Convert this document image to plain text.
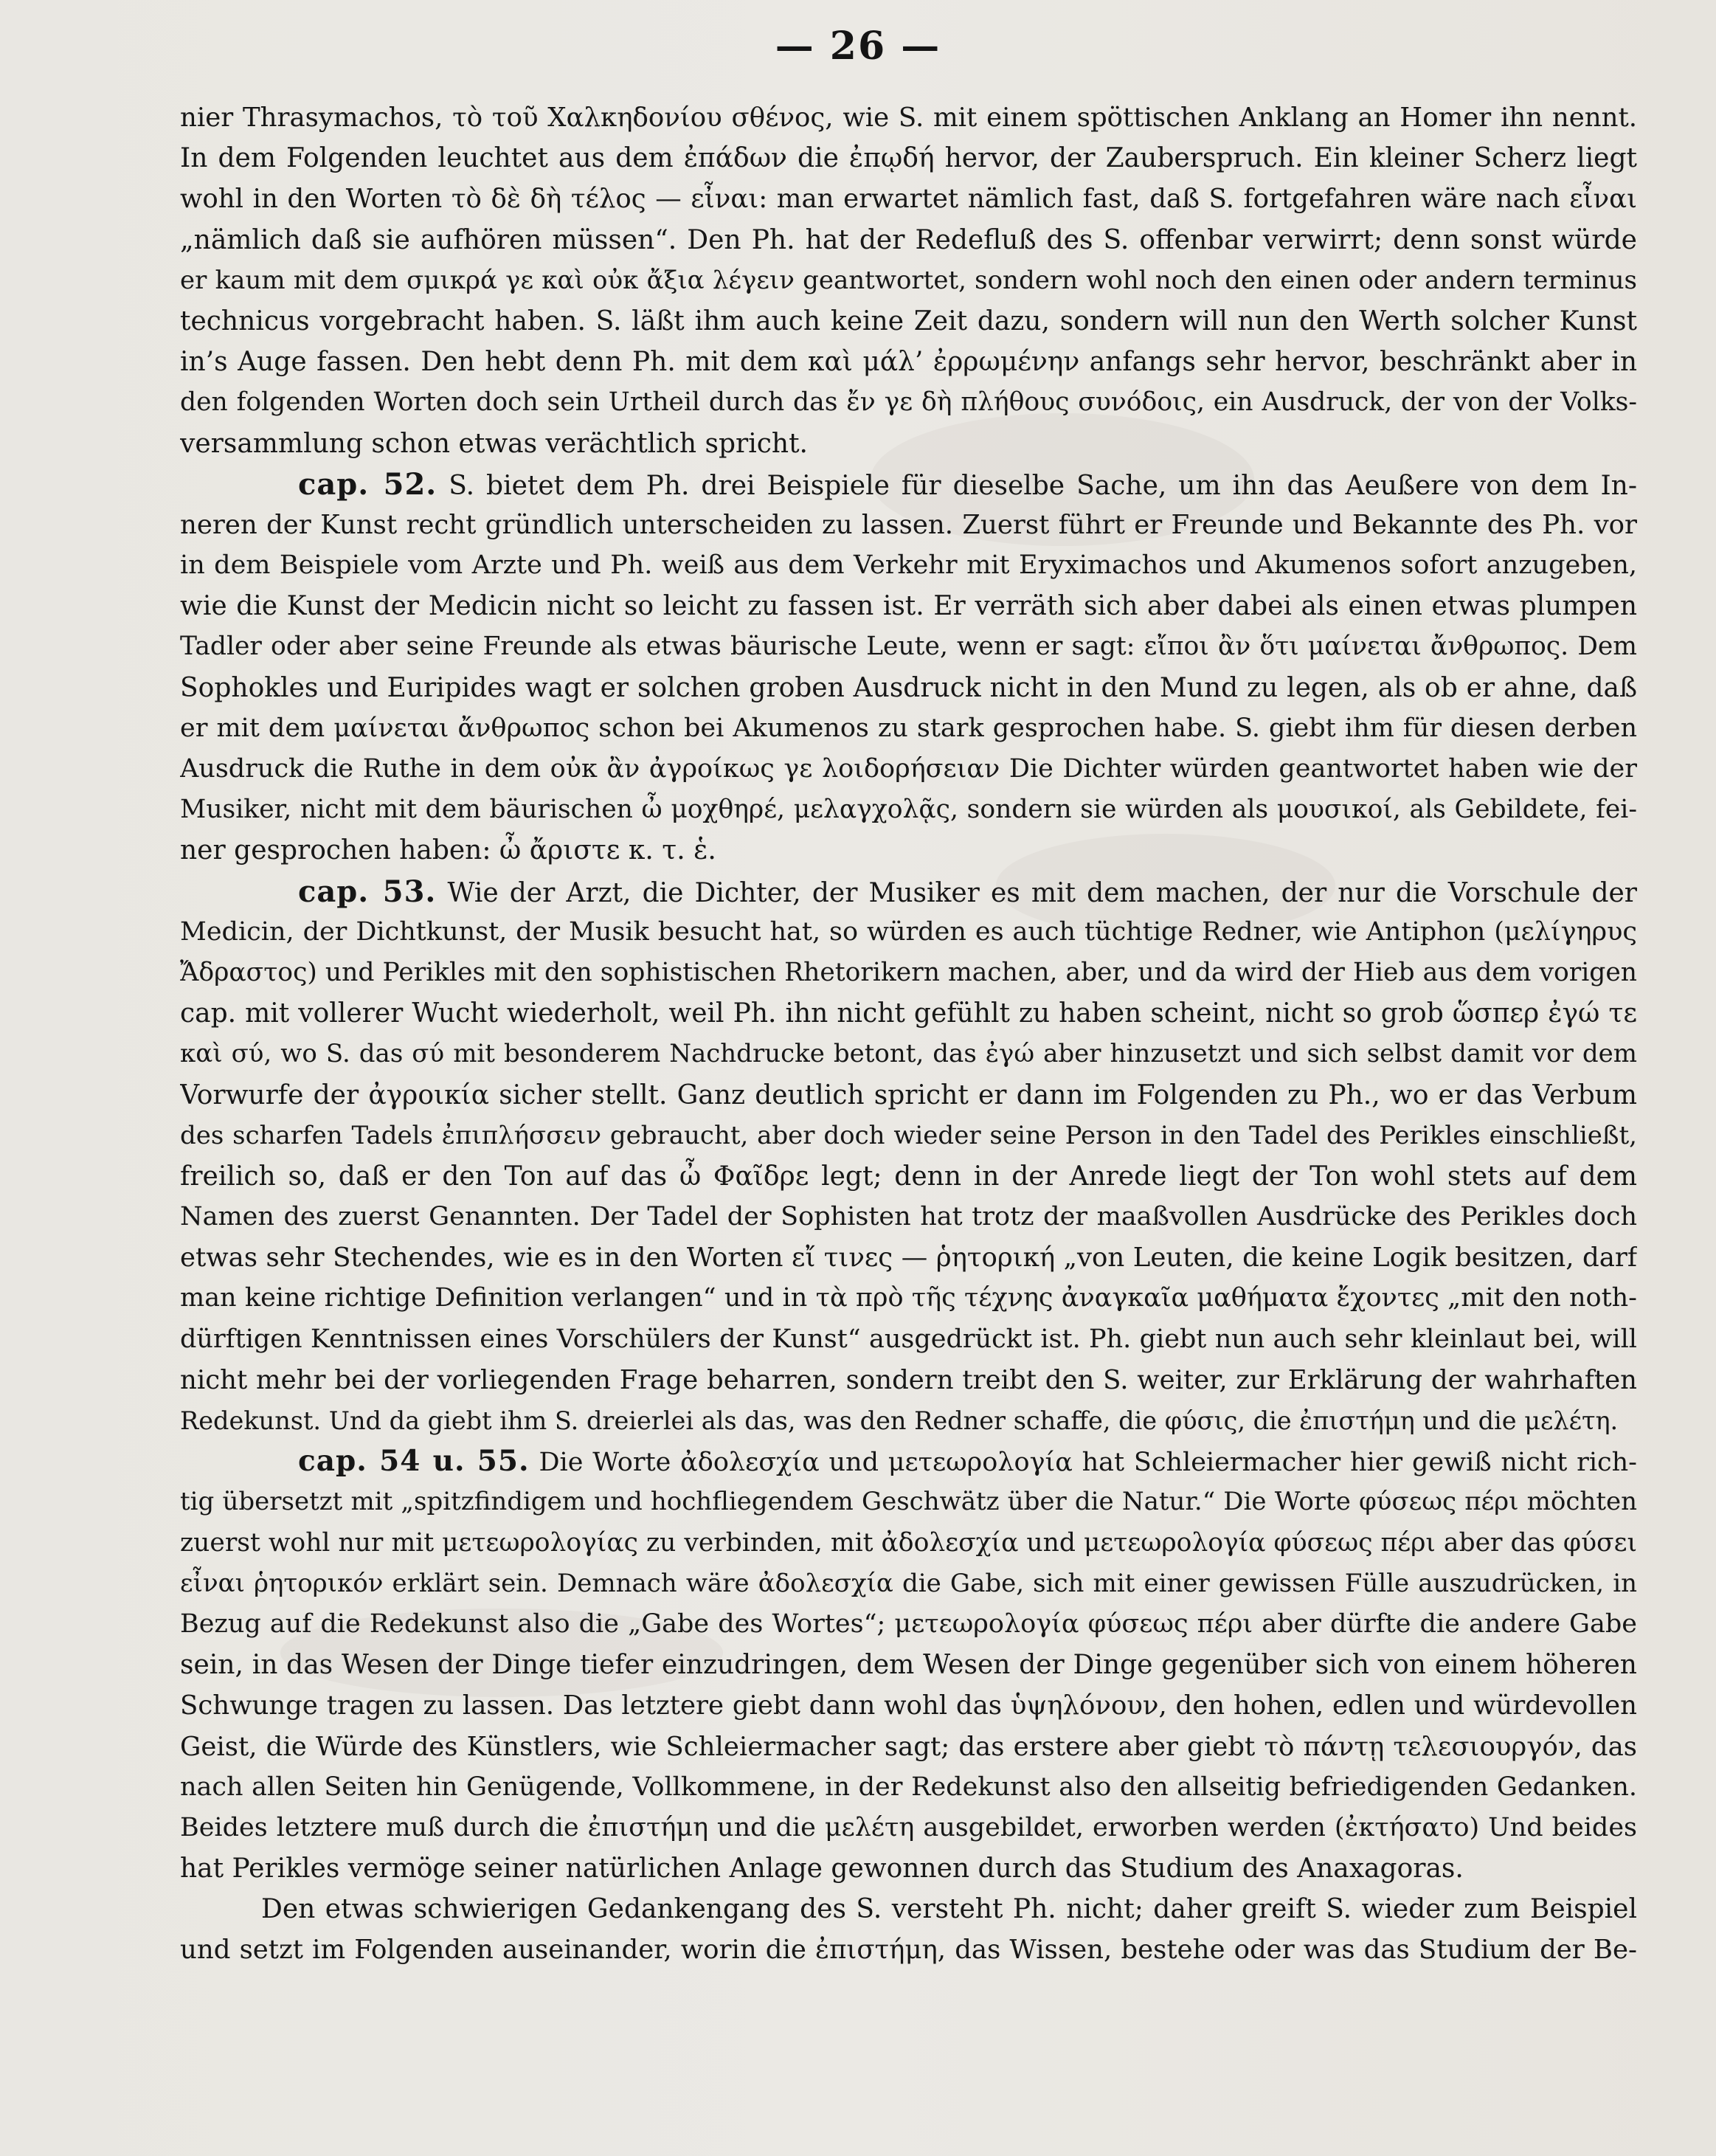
— 26 —
nier Thrasymachos, τὸ τοῦ Χαλκηδονίου σθένος, wie S. mit einem spöttischen Anklang an Homer ihn nennt.
In dem Folgenden leuchtet aus dem ἐπάδων die ἐπῳδή hervor, der Zauberspruch. Ein kleiner Scherz liegt
wohl in den Worten τὸ δὲ δὴ τέλος — εἶναι: man erwartet nämlich fast, daß S. fortgefahren wäre nach εἶναι
„nämlich daß sie aufhören müssen“. Den Ph. hat der Redefluß des S. offenbar verwirrt; denn sonst würde
er kaum mit dem σμικρά γε καὶ οὐκ ἄξια λέγειν geantwortet, sondern wohl noch den einen oder andern terminus
technicus vorgebracht haben. S. läßt ihm auch keine Zeit dazu, sondern will nun den Werth solcher Kunst
in’s Auge fassen. Den hebt denn Ph. mit dem καὶ μάλ’ ἐρρωμένην anfangs sehr hervor, beschränkt aber in
den folgenden Worten doch sein Urtheil durch das ἔν γε δὴ πλήθους συνόδοις, ein Ausdruck, der von der Volks-
versammlung schon etwas verächtlich spricht.
cap. 52. S. bietet dem Ph. drei Beispiele für dieselbe Sache, um ihn das Aeußere von dem In-
neren der Kunst recht gründlich unterscheiden zu lassen. Zuerst führt er Freunde und Bekannte des Ph. vor
in dem Beispiele vom Arzte und Ph. weiß aus dem Verkehr mit Eryximachos und Akumenos sofort anzugeben,
wie die Kunst der Medicin nicht so leicht zu fassen ist. Er verräth sich aber dabei als einen etwas plumpen
Tadler oder aber seine Freunde als etwas bäurische Leute, wenn er sagt: εἴποι ἂν ὅτι μαίνεται ἄνθρωπος. Dem
Sophokles und Euripides wagt er solchen groben Ausdruck nicht in den Mund zu legen, als ob er ahne, daß
er mit dem μαίνεται ἄνθρωπος schon bei Akumenos zu stark gesprochen habe. S. giebt ihm für diesen derben
Ausdruck die Ruthe in dem οὐκ ἂν ἀγροίκως γε λοιδορήσειαν Die Dichter würden geantwortet haben wie der
Musiker, nicht mit dem bäurischen ὦ μοχθηρέ, μελαγχολᾷς, sondern sie würden als μουσικοί, als Gebildete, fei-
ner gesprochen haben: ὦ ἄριστε κ. τ. ἑ.
cap. 53. Wie der Arzt, die Dichter, der Musiker es mit dem machen, der nur die Vorschule der
Medicin, der Dichtkunst, der Musik besucht hat, so würden es auch tüchtige Redner, wie Antiphon (μελίγηρυς
Ἄδραστος) und Perikles mit den sophistischen Rhetorikern machen, aber, und da wird der Hieb aus dem vorigen
cap. mit vollerer Wucht wiederholt, weil Ph. ihn nicht gefühlt zu haben scheint, nicht so grob ὥσπερ ἐγώ τε
καὶ σύ, wo S. das σύ mit besonderem Nachdrucke betont, das ἐγώ aber hinzusetzt und sich selbst damit vor dem
Vorwurfe der ἀγροικία sicher stellt. Ganz deutlich spricht er dann im Folgenden zu Ph., wo er das Verbum
des scharfen Tadels ἐπιπλήσσειν gebraucht, aber doch wieder seine Person in den Tadel des Perikles einschließt,
freilich so, daß er den Ton auf das ὦ Φαῖδρε legt; denn in der Anrede liegt der Ton wohl stets auf dem
Namen des zuerst Genannten. Der Tadel der Sophisten hat trotz der maaßvollen Ausdrücke des Perikles doch
etwas sehr Stechendes, wie es in den Worten εἴ τινες — ῥητορική „von Leuten, die keine Logik besitzen, darf
man keine richtige Definition verlangen“ und in τὰ πρὸ τῆς τέχνης ἀναγκαῖα μαθήματα ἔχοντες „mit den noth-
dürftigen Kenntnissen eines Vorschülers der Kunst“ ausgedrückt ist. Ph. giebt nun auch sehr kleinlaut bei, will
nicht mehr bei der vorliegenden Frage beharren, sondern treibt den S. weiter, zur Erklärung der wahrhaften
Redekunst. Und da giebt ihm S. dreierlei als das, was den Redner schaffe, die φύσις, die ἐπιστήμη und die μελέτη.
cap. 54 u. 55. Die Worte ἀδολεσχία und μετεωρολογία hat Schleiermacher hier gewiß nicht rich-
tig übersetzt mit „spitzfindigem und hochfliegendem Geschwätz über die Natur.“ Die Worte φύσεως πέρι möchten
zuerst wohl nur mit μετεωρολογίας zu verbinden, mit ἀδολεσχία und μετεωρολογία φύσεως πέρι aber das φύσει
εἶναι ῥητορικόν erklärt sein. Demnach wäre ἀδολεσχία die Gabe, sich mit einer gewissen Fülle auszudrücken, in
Bezug auf die Redekunst also die „Gabe des Wortes“; μετεωρολογία φύσεως πέρι aber dürfte die andere Gabe
sein, in das Wesen der Dinge tiefer einzudringen, dem Wesen der Dinge gegenüber sich von einem höheren
Schwunge tragen zu lassen. Das letztere giebt dann wohl das ὑψηλόνουν, den hohen, edlen und würdevollen
Geist, die Würde des Künstlers, wie Schleiermacher sagt; das erstere aber giebt τὸ πάντῃ τελεσιουργόν, das
nach allen Seiten hin Genügende, Vollkommene, in der Redekunst also den allseitig befriedigenden Gedanken.
Beides letztere muß durch die ἐπιστήμη und die μελέτη ausgebildet, erworben werden (ἐκτήσατο) Und beides
hat Perikles vermöge seiner natürlichen Anlage gewonnen durch das Studium des Anaxagoras.
Den etwas schwierigen Gedankengang des S. versteht Ph. nicht; daher greift S. wieder zum Beispiel
und setzt im Folgenden auseinander, worin die ἐπιστήμη, das Wissen, bestehe oder was das Studium der Be-
